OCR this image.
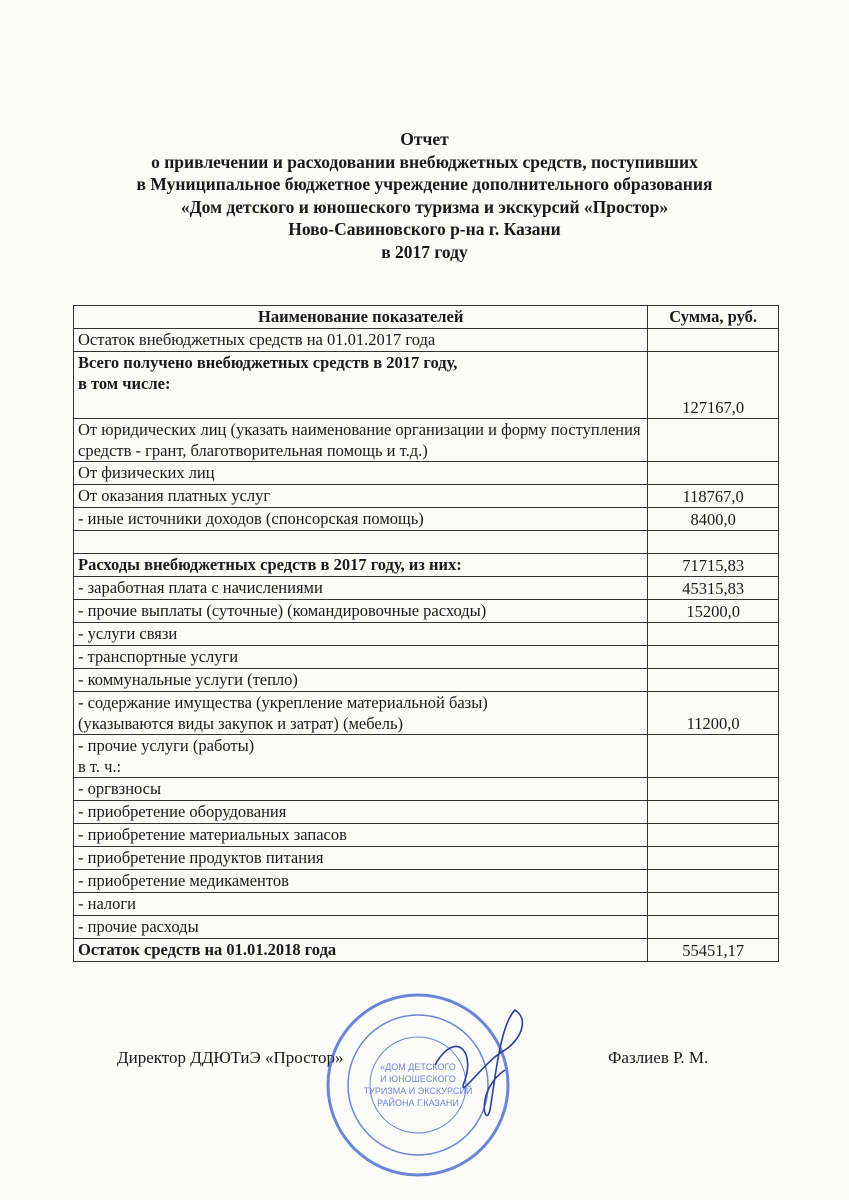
Отчет
о привлечении и расходовании внебюджетных средств, поступивших
в Муниципальное бюджетное учреждение дополнительного образования
«Дом детского и юношеского туризма и экскурсий «Простор»
Ново-Савиновского р-на г. Казани
в 2017 году
Наименование показателей	Сумма, руб.
Остаток внебюджетных средств на 01.01.2017 года	
Всего получено внебюджетных средств в 2017 году,
в том числе:	127167,0
От юридических лиц (указать наименование организации и форму поступления средств - грант, благотворительная помощь и т.д.)	
От физических лиц	
От оказания платных услуг	118767,0
- иные источники доходов (спонсорская помощь)	8400,0

Расходы внебюджетных средств в 2017 году, из них:	71715,83
- заработная плата с начислениями	45315,83
- прочие выплаты (суточные) (командировочные расходы)	15200,0
- услуги связи	
- транспортные услуги	
- коммунальные услуги (тепло)	
- содержание имущества (укрепление материальной базы)
(указываются виды закупок и затрат) (мебель)	11200,0
- прочие услуги (работы)
в т. ч.:	
- оргвзносы	
- приобретение оборудования	
- приобретение материальных запасов	
- приобретение продуктов питания	
- приобретение медикаментов	
- налоги	
- прочие расходы	
Остаток средств на 01.01.2018 года	55451,17
Директор ДДЮТиЭ «Простор»	Фазлиев Р. М.
«ДОМ ДЕТСКОГО
И ЮНОШЕСКОГО
ТУРИЗМА И ЭКСКУРСИЙ
РАЙОНА Г.КАЗАНИ
